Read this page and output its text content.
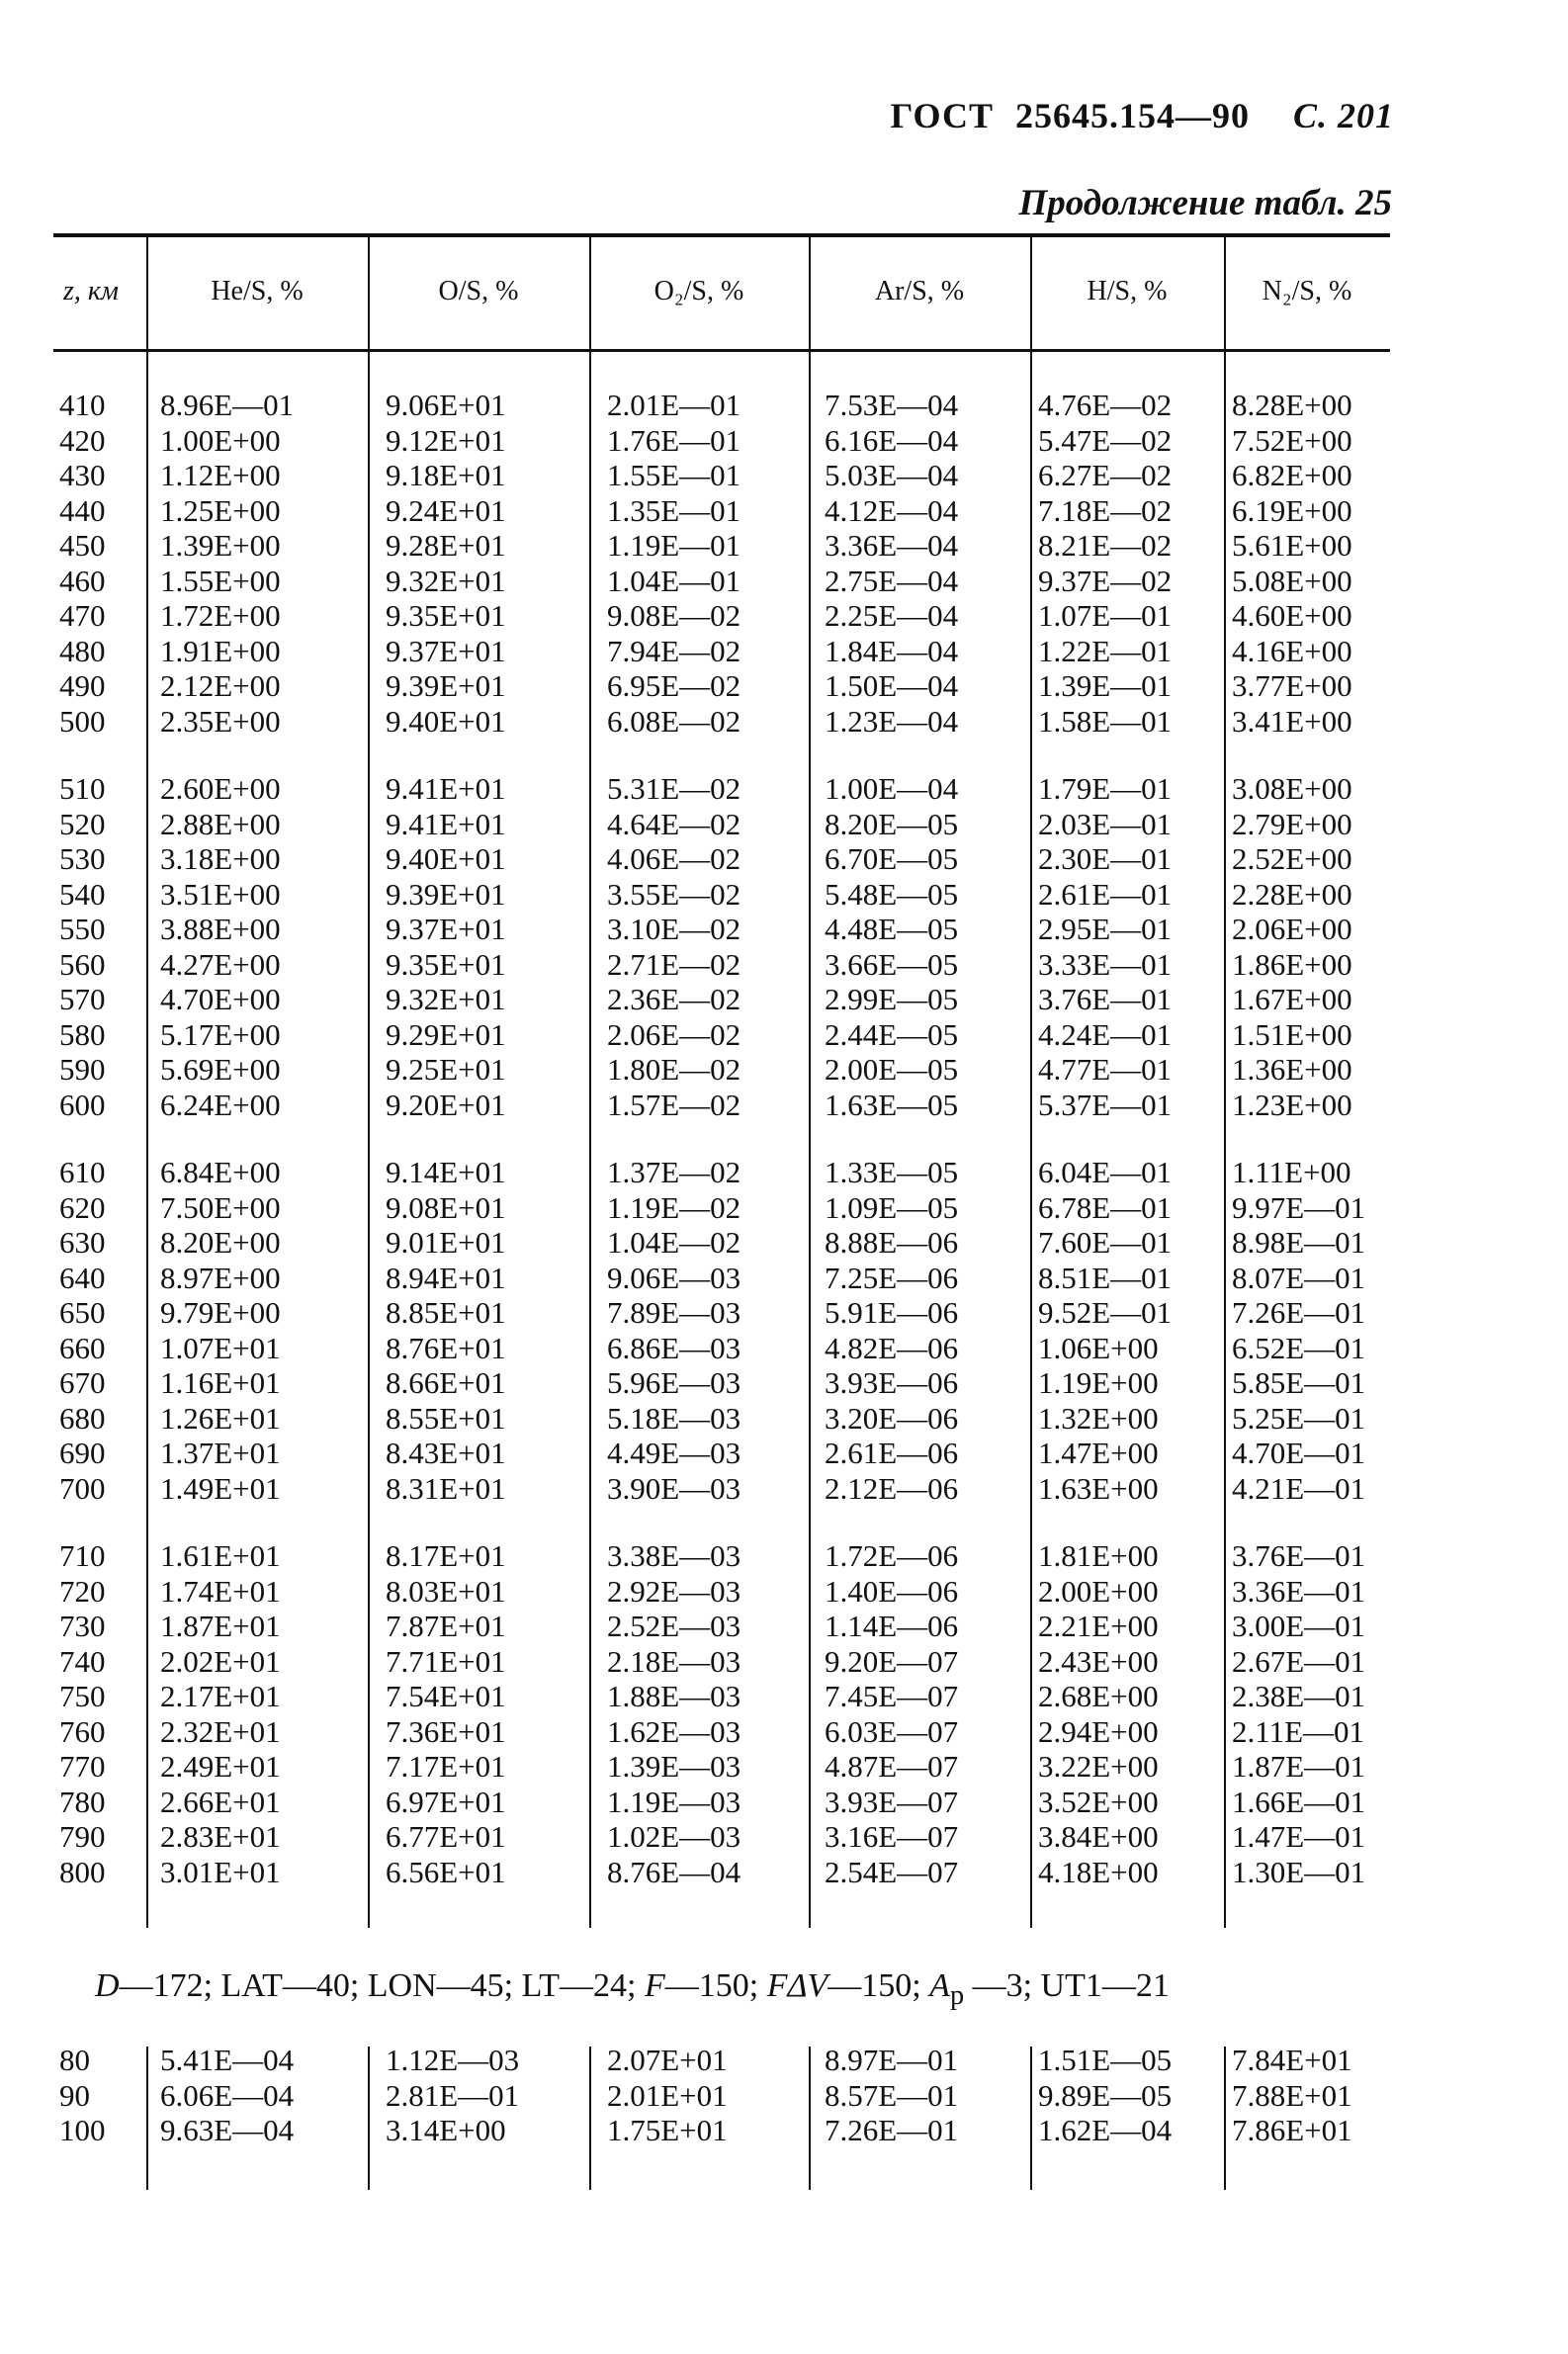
ГОСТ 25645.154—90 С. 201
Продолжение табл. 25
z, км	He/S, %	O/S, %	O₂/S, %	Ar/S, %	H/S, %	N₂/S, %
410 8.96E—01	9.06E+01	2.01E—01	7.53E—04	4.76E—02 8.28E+00
420 1.00E+00	9.12E+01	1.76E—01	6.16E—04	5.47E—02 7.52E+00
430 1.12E+00	9.18E+01	1.55E—01	5.03E—04	6.27E—02 6.82E+00
440 1.25E+00	9.24E+01	1.35E—01	4.12E—04	7.18E—02 6.19E+00
450 1.39E+00	9.28E+01	1.19E—01	3.36E—04	8.21E—02 5.61E+00
460 1.55E+00	9.32E+01	1.04E—01	2.75E—04	9.37E—02 5.08E+00
470 1.72E+00	9.35E+01	9.08E—02	2.25E—04	1.07E—01 4.60E+00
480 1.91E+00	9.37E+01	7.94E—02	1.84E—04	1.22E—01 4.16E+00
490 2.12E+00	9.39E+01	6.95E—02	1.50E—04	1.39E—01 3.77E+00
500 2.35E+00	9.40E+01	6.08E—02	1.23E—04	1.58E—01 3.41E+00
510 2.60E+00	9.41E+01	5.31E—02	1.00E—04	1.79E—01 3.08E+00
520 2.88E+00	9.41E+01	4.64E—02	8.20E—05	2.03E—01 2.79E+00
530 3.18E+00	9.40E+01	4.06E—02	6.70E—05	2.30E—01 2.52E+00
540 3.51E+00	9.39E+01	3.55E—02	5.48E—05	2.61E—01 2.28E+00
550 3.88E+00	9.37E+01	3.10E—02	4.48E—05	2.95E—01 2.06E+00
560 4.27E+00	9.35E+01	2.71E—02	3.66E—05	3.33E—01 1.86E+00
570 4.70E+00	9.32E+01	2.36E—02	2.99E—05	3.76E—01 1.67E+00
580 5.17E+00	9.29E+01	2.06E—02	2.44E—05	4.24E—01 1.51E+00
590 5.69E+00	9.25E+01	1.80E—02	2.00E—05	4.77E—01 1.36E+00
600 6.24E+00	9.20E+01	1.57E—02	1.63E—05	5.37E—01 1.23E+00
610 6.84E+00	9.14E+01	1.37E—02	1.33E—05	6.04E—01 1.11E+00
620 7.50E+00	9.08E+01	1.19E—02	1.09E—05	6.78E—01 9.97E—01
630 8.20E+00	9.01E+01	1.04E—02	8.88E—06	7.60E—01 8.98E—01
640 8.97E+00	8.94E+01	9.06E—03	7.25E—06	8.51E—01 8.07E—01
650 9.79E+00	8.85E+01	7.89E—03	5.91E—06	9.52E—01 7.26E—01
660 1.07E+01	8.76E+01	6.86E—03	4.82E—06	1.06E+00 6.52E—01
670 1.16E+01	8.66E+01	5.96E—03	3.93E—06	1.19E+00 5.85E—01
680 1.26E+01	8.55E+01	5.18E—03	3.20E—06	1.32E+00 5.25E—01
690 1.37E+01	8.43E+01	4.49E—03	2.61E—06	1.47E+00 4.70E—01
700 1.49E+01	8.31E+01	3.90E—03	2.12E—06	1.63E+00 4.21E—01
710 1.61E+01	8.17E+01	3.38E—03	1.72E—06	1.81E+00 3.76E—01
720 1.74E+01	8.03E+01	2.92E—03	1.40E—06	2.00E+00 3.36E—01
730 1.87E+01	7.87E+01	2.52E—03	1.14E—06	2.21E+00 3.00E—01
740 2.02E+01	7.71E+01	2.18E—03	9.20E—07	2.43E+00 2.67E—01
750 2.17E+01	7.54E+01	1.88E—03	7.45E—07	2.68E+00 2.38E—01
760 2.32E+01	7.36E+01	1.62E—03	6.03E—07	2.94E+00 2.11E—01
770 2.49E+01	7.17E+01	1.39E—03	4.87E—07	3.22E+00 1.87E—01
780 2.66E+01	6.97E+01	1.19E—03	3.93E—07	3.52E+00 1.66E—01
790 2.83E+01	6.77E+01	1.02E—03	3.16E—07	3.84E+00 1.47E—01
800 3.01E+01	6.56E+01	8.76E—04	2.54E—07	4.18E+00 1.30E—01
D—172; LAT—40; LON—45; LT—24; F—150; FΔV—150; $A_p$ —3; UT1—21
80 5.41E—04	1.12E—03	2.07E+01	8.97E—01	1.51E—05 7.84E+01
90 6.06E—04	2.81E—01	2.01E+01	8.57E—01	9.89E—05 7.88E+01
100 9.63E—04	3.14E+00	1.75E+01	7.26E—01	1.62E—04 7.86E+01
